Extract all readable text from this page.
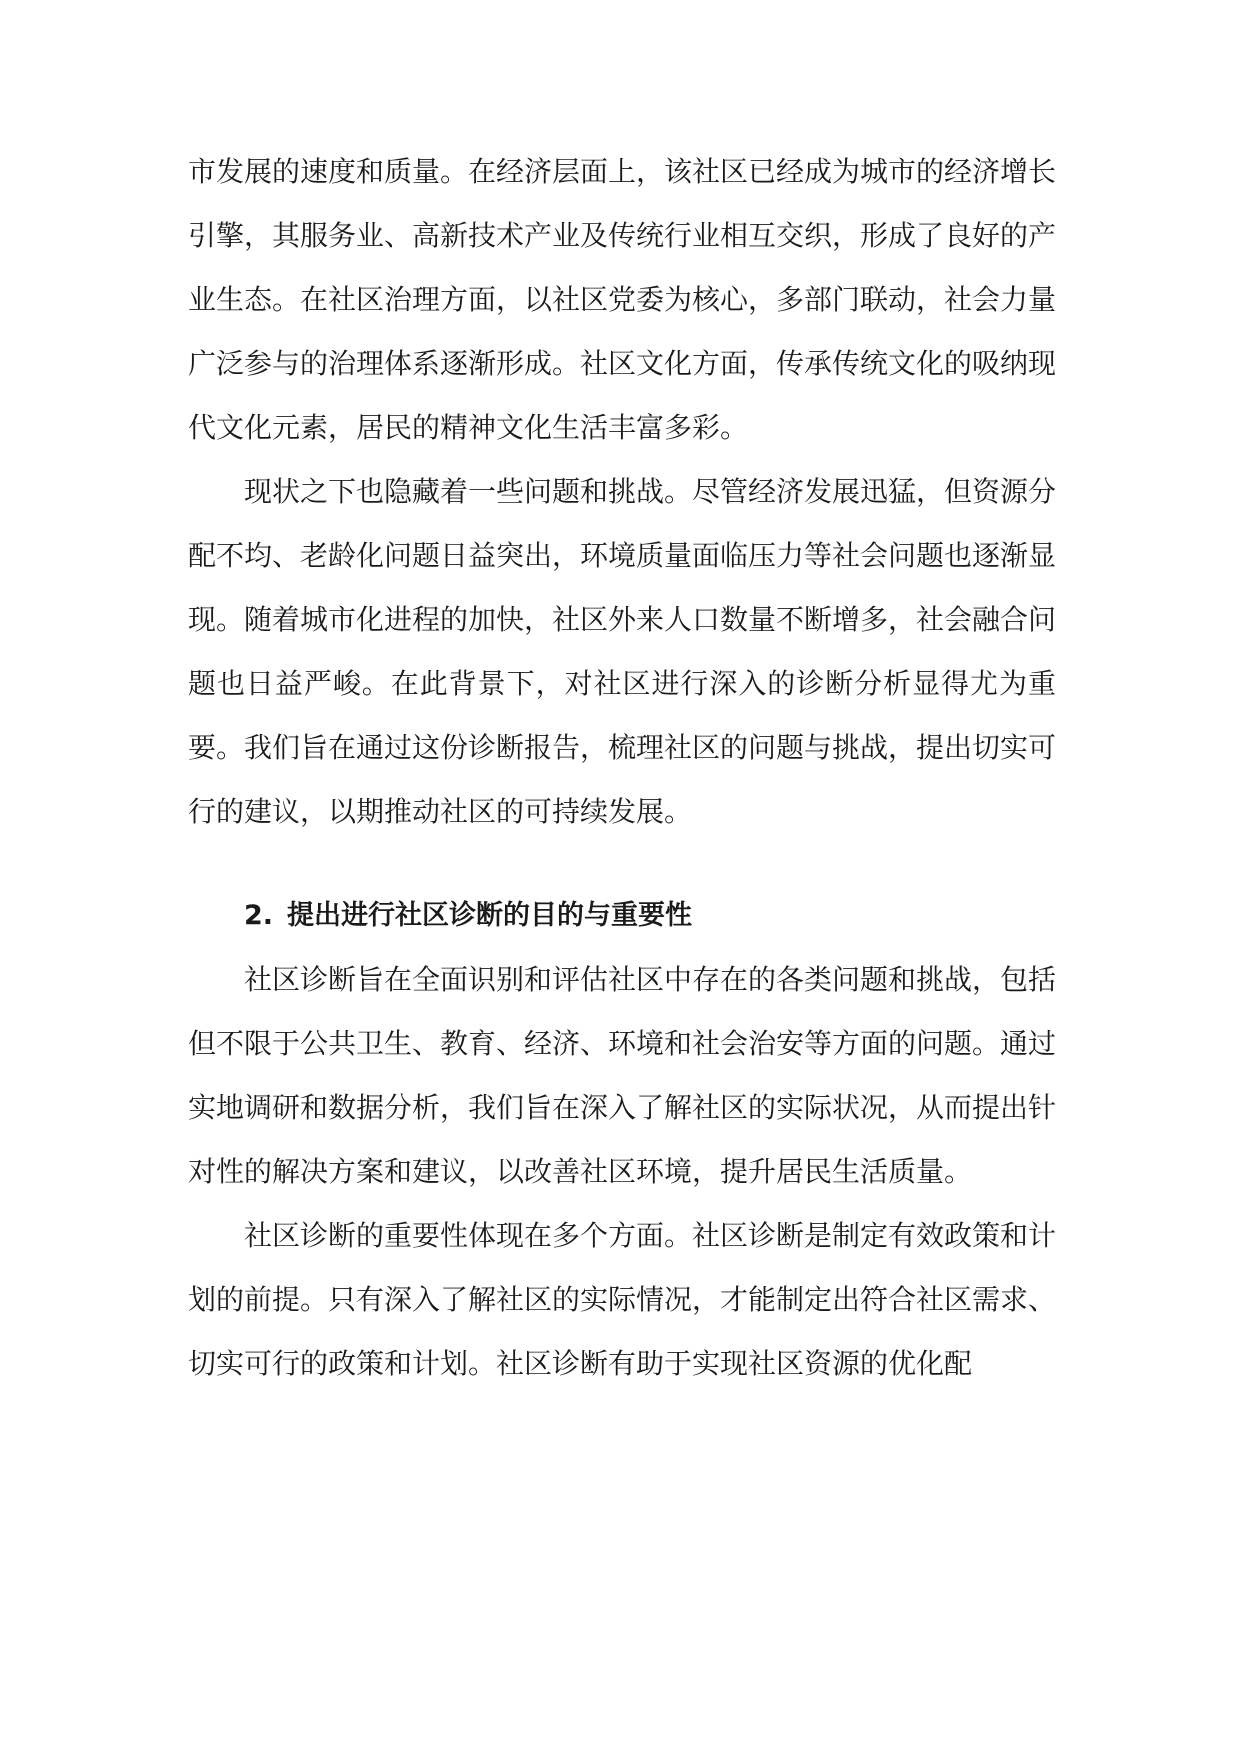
市发展的速度和质量。在经济层面上，该社区已经成为城市的经济增长引擎，其服务业、高新技术产业及传统行业相互交织，形成了良好的产业生态。在社区治理方面，以社区党委为核心，多部门联动，社会力量广泛参与的治理体系逐渐形成。社区文化方面，传承传统文化的吸纳现代文化元素，居民的精神文化生活丰富多彩。

现状之下也隐藏着一些问题和挑战。尽管经济发展迅猛，但资源分配不均、老龄化问题日益突出，环境质量面临压力等社会问题也逐渐显现。随着城市化进程的加快，社区外来人口数量不断增多，社会融合问题也日益严峻。在此背景下，对社区进行深入的诊断分析显得尤为重要。我们旨在通过这份诊断报告，梳理社区的问题与挑战，提出切实可行的建议，以期推动社区的可持续发展。

2. 提出进行社区诊断的目的与重要性

社区诊断旨在全面识别和评估社区中存在的各类问题和挑战，包括但不限于公共卫生、教育、经济、环境和社会治安等方面的问题。通过实地调研和数据分析，我们旨在深入了解社区的实际状况，从而提出针对性的解决方案和建议，以改善社区环境，提升居民生活质量。

社区诊断的重要性体现在多个方面。社区诊断是制定有效政策和计划的前提。只有深入了解社区的实际情况，才能制定出符合社区需求、切实可行的政策和计划。社区诊断有助于实现社区资源的优化配
